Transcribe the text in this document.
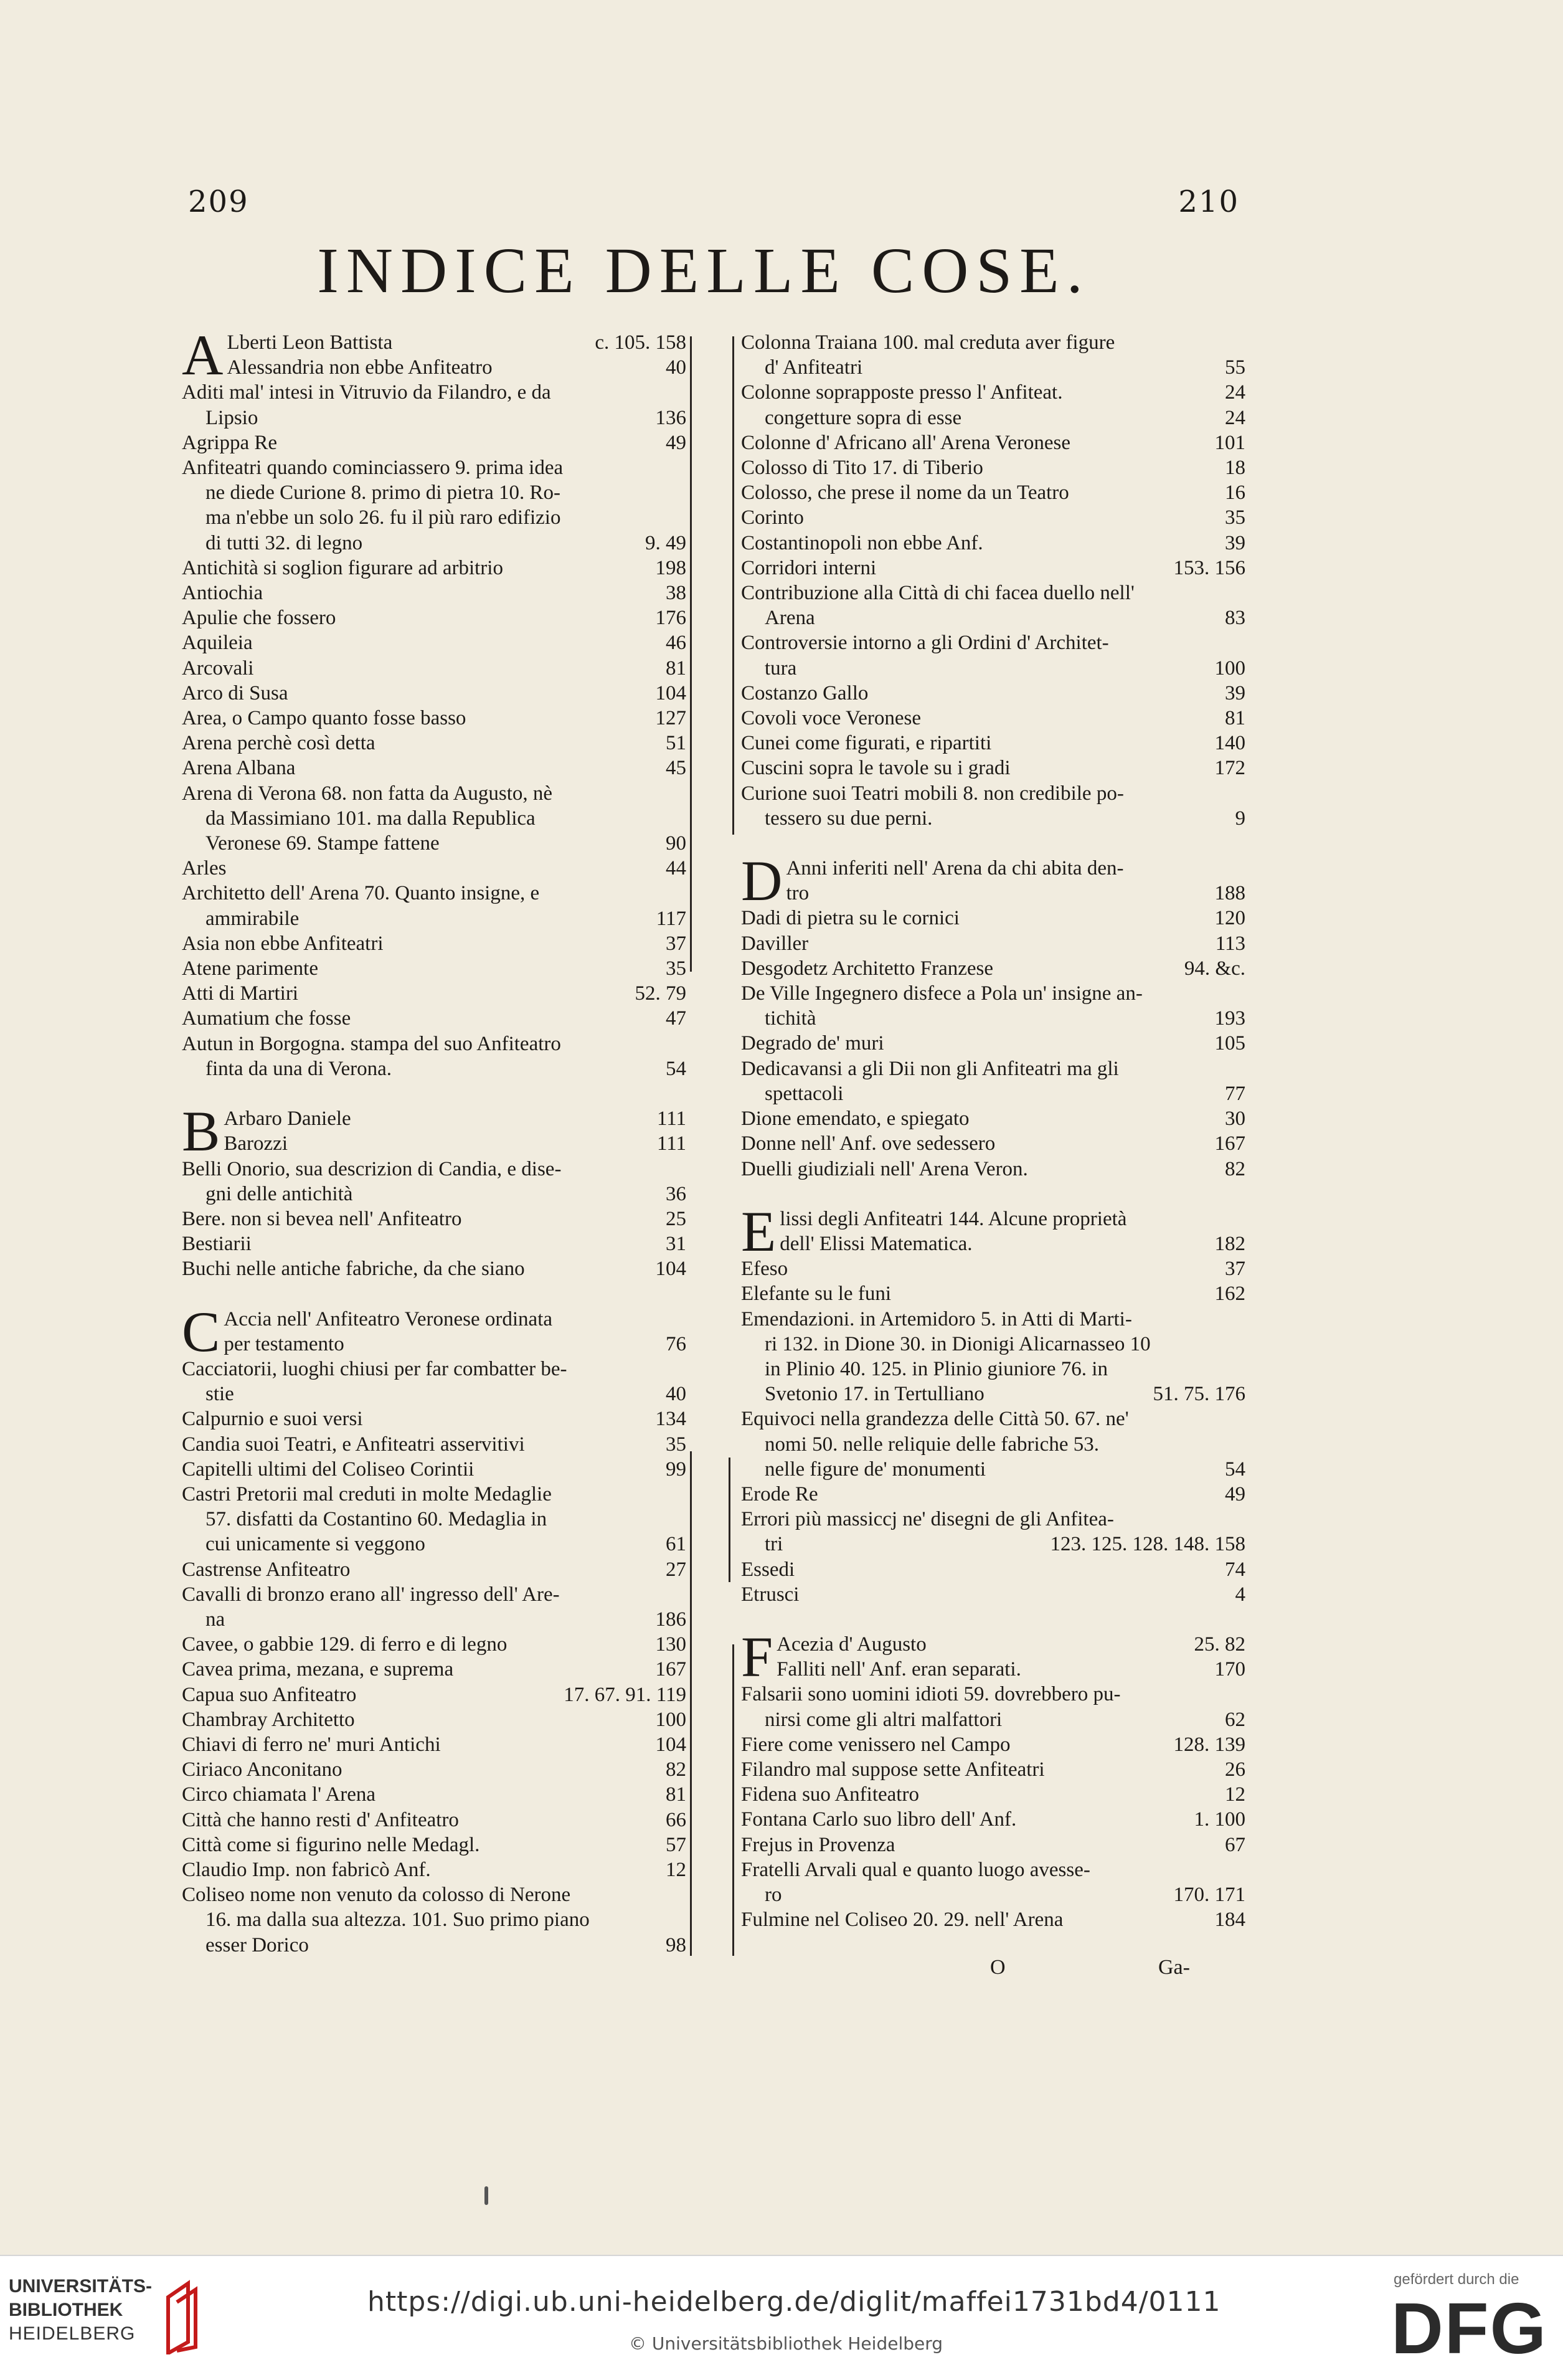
209	210
INDICE DELLE COSE.
A Lberti Leon Battista	c. 105. 158
Alessandria non ebbe Anfiteatro	40
Aditi mal' intesi in Vitruvio da Filandro, e da
Lipsio	136
Agrippa Re	49
Anfiteatri quando cominciassero 9. prima idea
ne diede Curione 8. primo di pietra 10. Ro-
ma n'ebbe un solo 26. fu il più raro edifizio
di tutti 32. di legno	9. 49
Antichità si soglion figurare ad arbitrio	198
Antiochia	38
Apulie che fossero	176
Aquileia	46
Arcovali	81
Arco di Susa	104
Area, o Campo quanto fosse basso	127
Arena perchè così detta	51
Arena Albana	45
Arena di Verona 68. non fatta da Augusto, nè
da Massimiano 101. ma dalla Republica
Veronese 69. Stampe fattene	90
Arles	44
Architetto dell' Arena 70. Quanto insigne, e
ammirabile	117
Asia non ebbe Anfiteatri	37
Atene parimente	35
Atti di Martiri	52. 79
Aumatium che fosse	47
Autun in Borgogna. stampa del suo Anfiteatro
finta da una di Verona.	54
B Arbaro Daniele	111
Barozzi	111
Belli Onorio, sua descrizion di Candia, e dise-
gni delle antichità	36
Bere. non si bevea nell' Anfiteatro	25
Bestiarii	31
Buchi nelle antiche fabriche, da che siano	104
C Accia nell' Anfiteatro Veronese ordinata
per testamento	76
Cacciatorii, luoghi chiusi per far combatter be-
stie	40
Calpurnio e suoi versi	134
Candia suoi Teatri, e Anfiteatri asservitivi	35
Capitelli ultimi del Coliseo Corintii	99
Castri Pretorii mal creduti in molte Medaglie
57. disfatti da Costantino 60. Medaglia in
cui unicamente si veggono	61
Castrense Anfiteatro	27
Cavalli di bronzo erano all' ingresso dell' Are-
na	186
Cavee, o gabbie 129. di ferro e di legno	130
Cavea prima, mezana, e suprema	167
Capua suo Anfiteatro	17. 67. 91. 119
Chambray Architetto	100
Chiavi di ferro ne' muri Antichi	104
Ciriaco Anconitano	82
Circo chiamata l' Arena	81
Città che hanno resti d' Anfiteatro	66
Città come si figurino nelle Medagl.	57
Claudio Imp. non fabricò Anf.	12
Coliseo nome non venuto da colosso di Nerone
16. ma dalla sua altezza. 101. Suo primo piano
esser Dorico	98
Colonna Traiana 100. mal creduta aver figure
d' Anfiteatri	55
Colonne soprapposte presso l' Anfiteat.	24
congetture sopra di esse	24
Colonne d' Africano all' Arena Veronese	101
Colosso di Tito 17. di Tiberio	18
Colosso, che prese il nome da un Teatro	16
Corinto	35
Costantinopoli non ebbe Anf.	39
Corridori interni	153. 156
Contribuzione alla Città di chi facea duello nell'
Arena	83
Controversie intorno a gli Ordini d' Architet-
tura	100
Costanzo Gallo	39
Covoli voce Veronese	81
Cunei come figurati, e ripartiti	140
Cuscini sopra le tavole su i gradi	172
Curione suoi Teatri mobili 8. non credibile po-
tessero su due perni.	9
D Anni inferiti nell' Arena da chi abita den-
tro	188
Dadi di pietra su le cornici	120
Daviller	113
Desgodetz Architetto Franzese	94. &c.
De Ville Ingegnero disfece a Pola un' insigne an-
tichità	193
Degrado de' muri	105
Dedicavansi a gli Dii non gli Anfiteatri ma gli
spettacoli	77
Dione emendato, e spiegato	30
Donne nell' Anf. ove sedessero	167
Duelli giudiziali nell' Arena Veron.	82
E lissi degli Anfiteatri 144. Alcune proprietà
dell' Elissi Matematica.	182
Efeso	37
Elefante su le funi	162
Emendazioni. in Artemidoro 5. in Atti di Marti-
ri 132. in Dione 30. in Dionigi Alicarnasseo 10
in Plinio 40. 125. in Plinio giuniore 76. in
Svetonio 17. in Tertulliano	51. 75. 176
Equivoci nella grandezza delle Città 50. 67. ne'
nomi 50. nelle reliquie delle fabriche 53.
nelle figure de' monumenti	54
Erode Re	49
Errori più massiccj ne' disegni de gli Anfitea-
tri	123. 125. 128. 148. 158
Essedi	74
Etrusci	4
F Acezia d' Augusto	25. 82
Falliti nell' Anf. eran separati.	170
Falsarii sono uomini idioti 59. dovrebbero pu-
nirsi come gli altri malfattori	62
Fiere come venissero nel Campo	128. 139
Filandro mal suppose sette Anfiteatri	26
Fidena suo Anfiteatro	12
Fontana Carlo suo libro dell' Anf.	1. 100
Frejus in Provenza	67
Fratelli Arvali qual e quanto luogo avesse-
ro	170. 171
Fulmine nel Coliseo 20. 29. nell' Arena	184
O	Ga-
UNIVERSITÄTS-
BIBLIOTHEK
HEIDELBERG
https://digi.ub.uni-heidelberg.de/diglit/maffei1731bd4/0111
© Universitätsbibliothek Heidelberg
gefördert durch die
DFG
